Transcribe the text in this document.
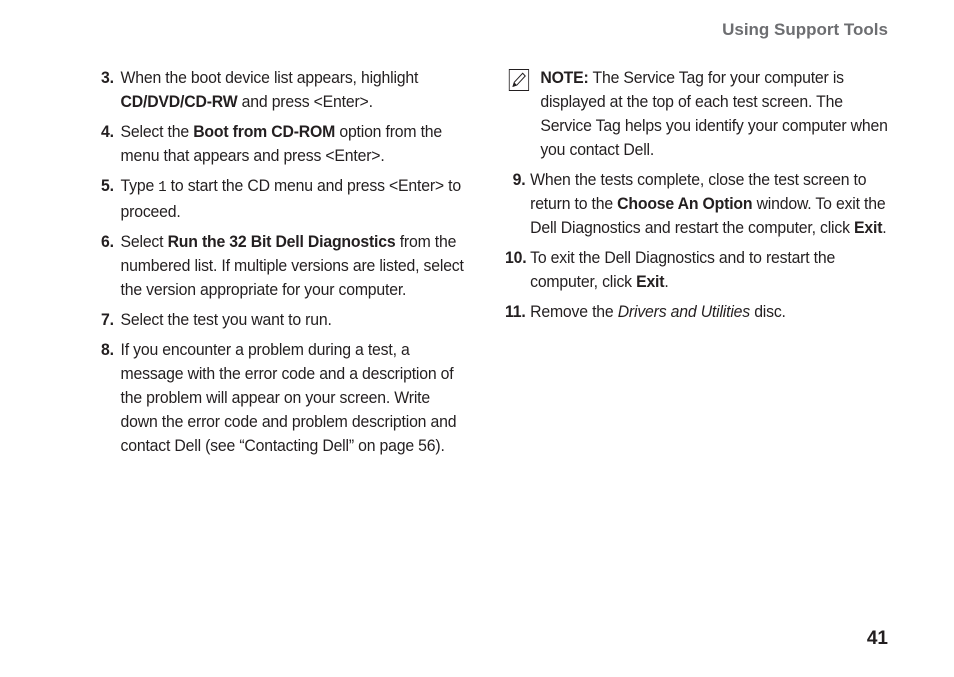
Using Support Tools
3. When the boot device list appears, highlight CD/DVD/CD-RW and press <Enter>.
4. Select the Boot from CD-ROM option from the menu that appears and press <Enter>.
5. Type 1 to start the CD menu and press <Enter> to proceed.
6. Select Run the 32 Bit Dell Diagnostics from the numbered list. If multiple versions are listed, select the version appropriate for your computer.
7. Select the test you want to run.
8. If you encounter a problem during a test, a message with the error code and a description of the problem will appear on your screen. Write down the error code and problem description and contact Dell (see “Contacting Dell” on page 56).
NOTE: The Service Tag for your computer is displayed at the top of each test screen. The Service Tag helps you identify your computer when you contact Dell.
9. When the tests complete, close the test screen to return to the Choose An Option window. To exit the Dell Diagnostics and restart the computer, click Exit.
10. To exit the Dell Diagnostics and to restart the computer, click Exit.
11. Remove the Drivers and Utilities disc.
41
